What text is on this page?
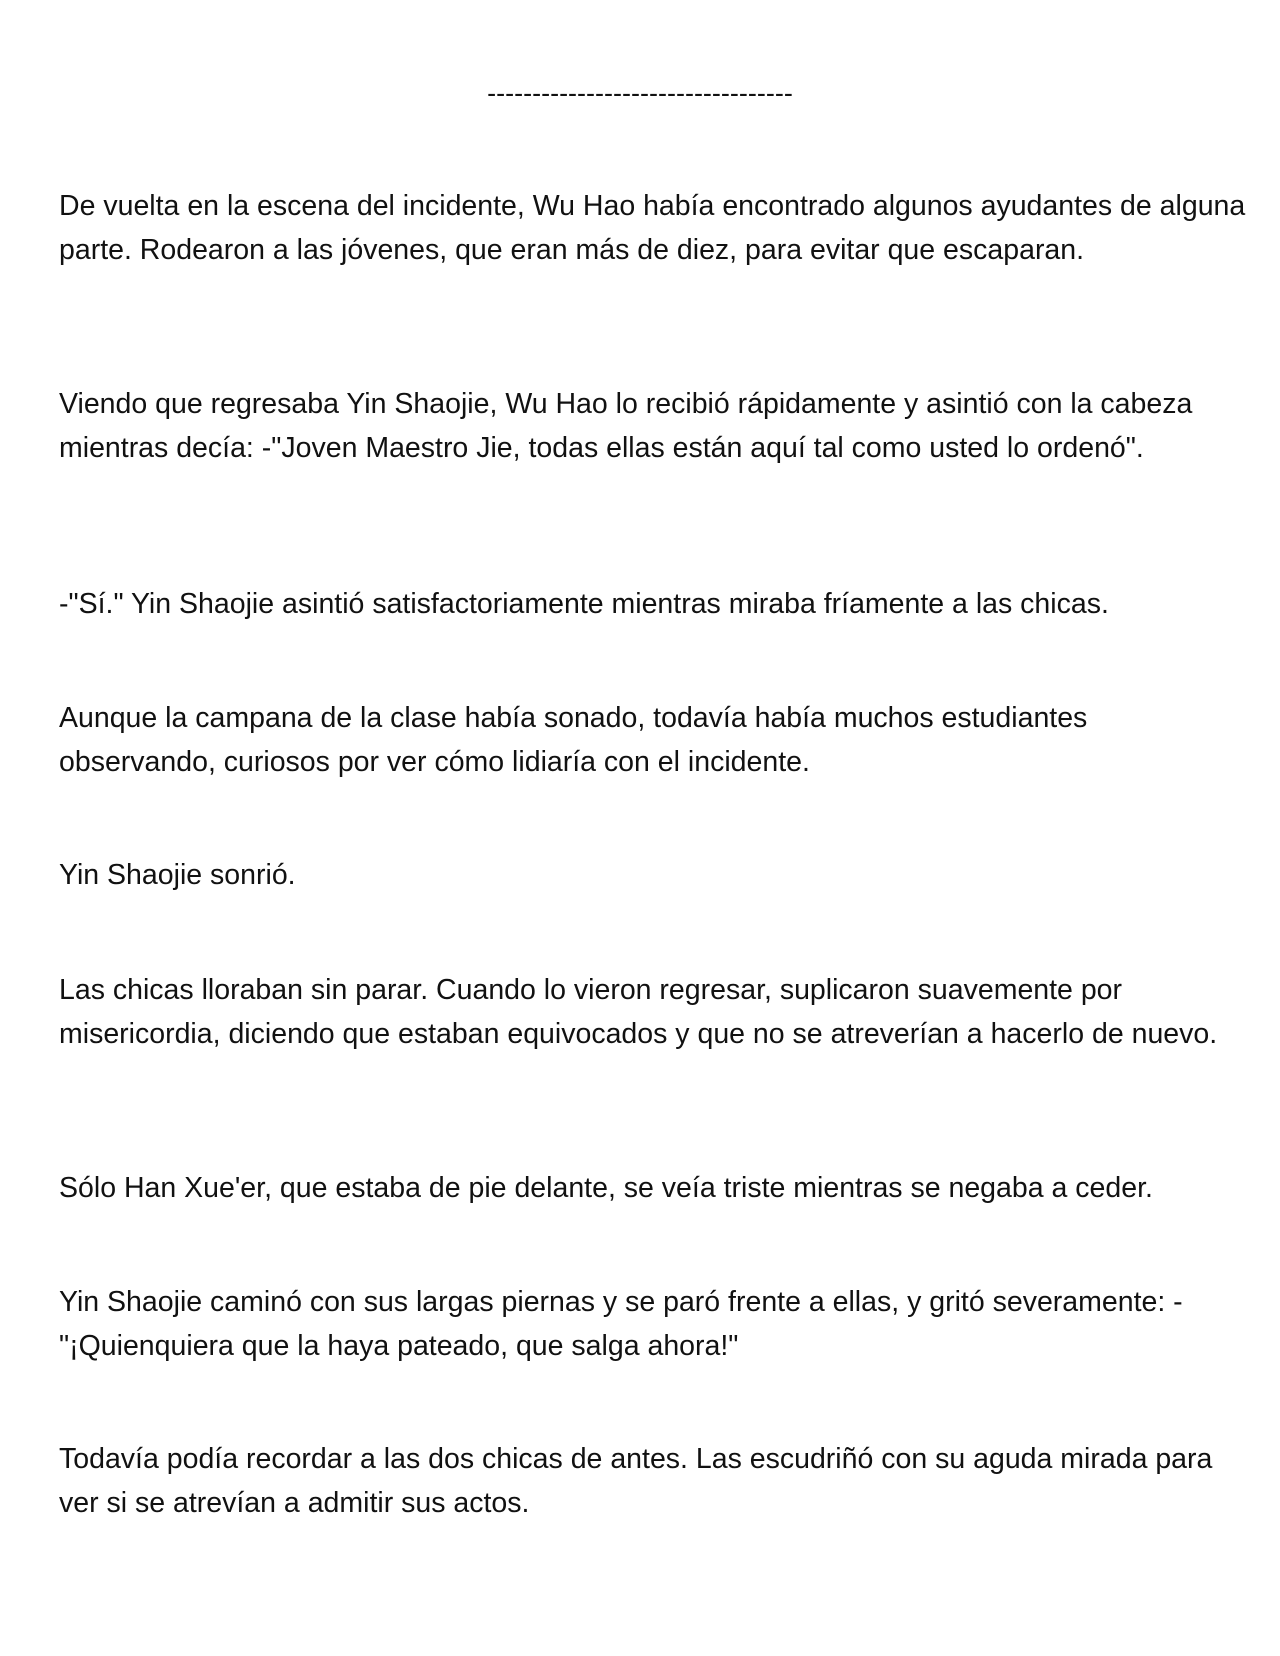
----------------------------------

De vuelta en la escena del incidente, Wu Hao había encontrado algunos ayudantes de alguna parte. Rodearon a las jóvenes, que eran más de diez, para evitar que escaparan.

Viendo que regresaba Yin Shaojie, Wu Hao lo recibió rápidamente y asintió con la cabeza mientras decía: -"Joven Maestro Jie, todas ellas están aquí tal como usted lo ordenó".

-"Sí." Yin Shaojie asintió satisfactoriamente mientras miraba fríamente a las chicas.

Aunque la campana de la clase había sonado, todavía había muchos estudiantes observando, curiosos por ver cómo lidiaría con el incidente.

Yin Shaojie sonrió.

Las chicas lloraban sin parar. Cuando lo vieron regresar, suplicaron suavemente por misericordia, diciendo que estaban equivocados y que no se atreverían a hacerlo de nuevo.

Sólo Han Xue'er, que estaba de pie delante, se veía triste mientras se negaba a ceder.

Yin Shaojie caminó con sus largas piernas y se paró frente a ellas, y gritó severamente: -"¡Quienquiera que la haya pateado, que salga ahora!"

Todavía podía recordar a las dos chicas de antes. Las escudriñó con su aguda mirada para ver si se atrevían a admitir sus actos.
